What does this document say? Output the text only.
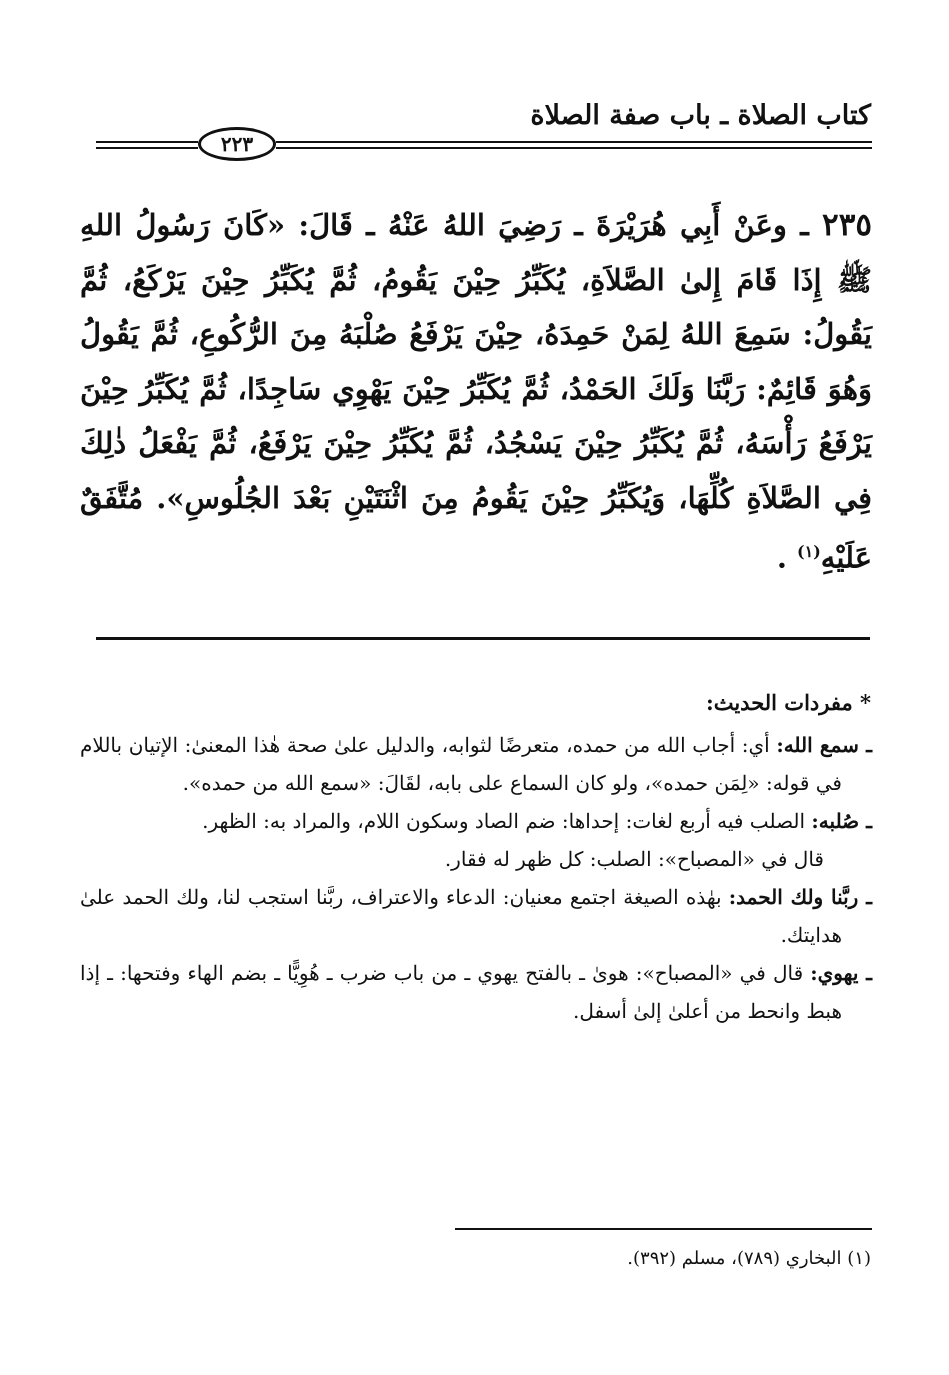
كتاب الصلاة ـ باب صفة الصلاة
٢٢٣
٢٣٥ ـ وعَنْ أَبِي هُرَيْرَةَ ـ رَضِيَ اللهُ عَنْهُ ـ قَالَ: «كَانَ رَسُولُ اللهِ ﷺ إِذَا قَامَ إِلىٰ الصَّلاَةِ، يُكَبِّرُ حِيْنَ يَقُومُ، ثُمَّ يُكَبِّرُ حِيْنَ يَرْكَعُ، ثُمَّ يَقُولُ: سَمِعَ اللهُ لِمَنْ حَمِدَهُ، حِيْنَ يَرْفَعُ صُلْبَهُ مِنَ الرُّكُوعِ، ثُمَّ يَقُولُ وَهُوَ قَائِمٌ: رَبَّنَا وَلَكَ الحَمْدُ، ثُمَّ يُكَبِّرُ حِيْنَ يَهْوِي سَاجِدًا، ثُمَّ يُكَبِّرُ حِيْنَ يَرْفَعُ رَأْسَهُ، ثُمَّ يُكَبِّرُ حِيْنَ يَسْجُدُ، ثُمَّ يُكَبِّرُ حِيْنَ يَرْفَعُ، ثُمَّ يَفْعَلُ ذٰلِكَ فِي الصَّلاَةِ كُلِّهَا، وَيُكَبِّرُ حِيْنَ يَقُومُ مِنَ اثْنَتَيْنِ بَعْدَ الجُلُوسِ». مُتَّفَقٌ عَلَيْهِ$^{(١)}$ .
* مفردات الحديث:

ـ سمع الله: أي: أجاب الله من حمده، متعرضًا لثوابه، والدليل علىٰ صحة هٰذا المعنىٰ: الإتيان باللام في قوله: «لِمَن حمده»، ولو كان السماع على بابه، لقَالَ: «سمع الله من حمده».

ـ صُلبه: الصلب فيه أربع لغات: إحداها: ضم الصاد وسكون اللام، والمراد به: الظهر.

قال في «المصباح»: الصلب: كل ظهر له فقار.

ـ ربَّنا ولك الحمد: بهٰذه الصيغة اجتمع معنيان: الدعاء والاعتراف، ربَّنا استجب لنا، ولك الحمد علىٰ هدايتك.

ـ يهوي: قال في «المصباح»: هوىٰ ـ بالفتح يهوي ـ من باب ضرب ـ هُوِيًّا ـ بضم الهاء وفتحها: ـ إذا هبط وانحط من أعلىٰ إلىٰ أسفل.

(١) البخاري (٧٨٩)، مسلم (٣٩٢).
